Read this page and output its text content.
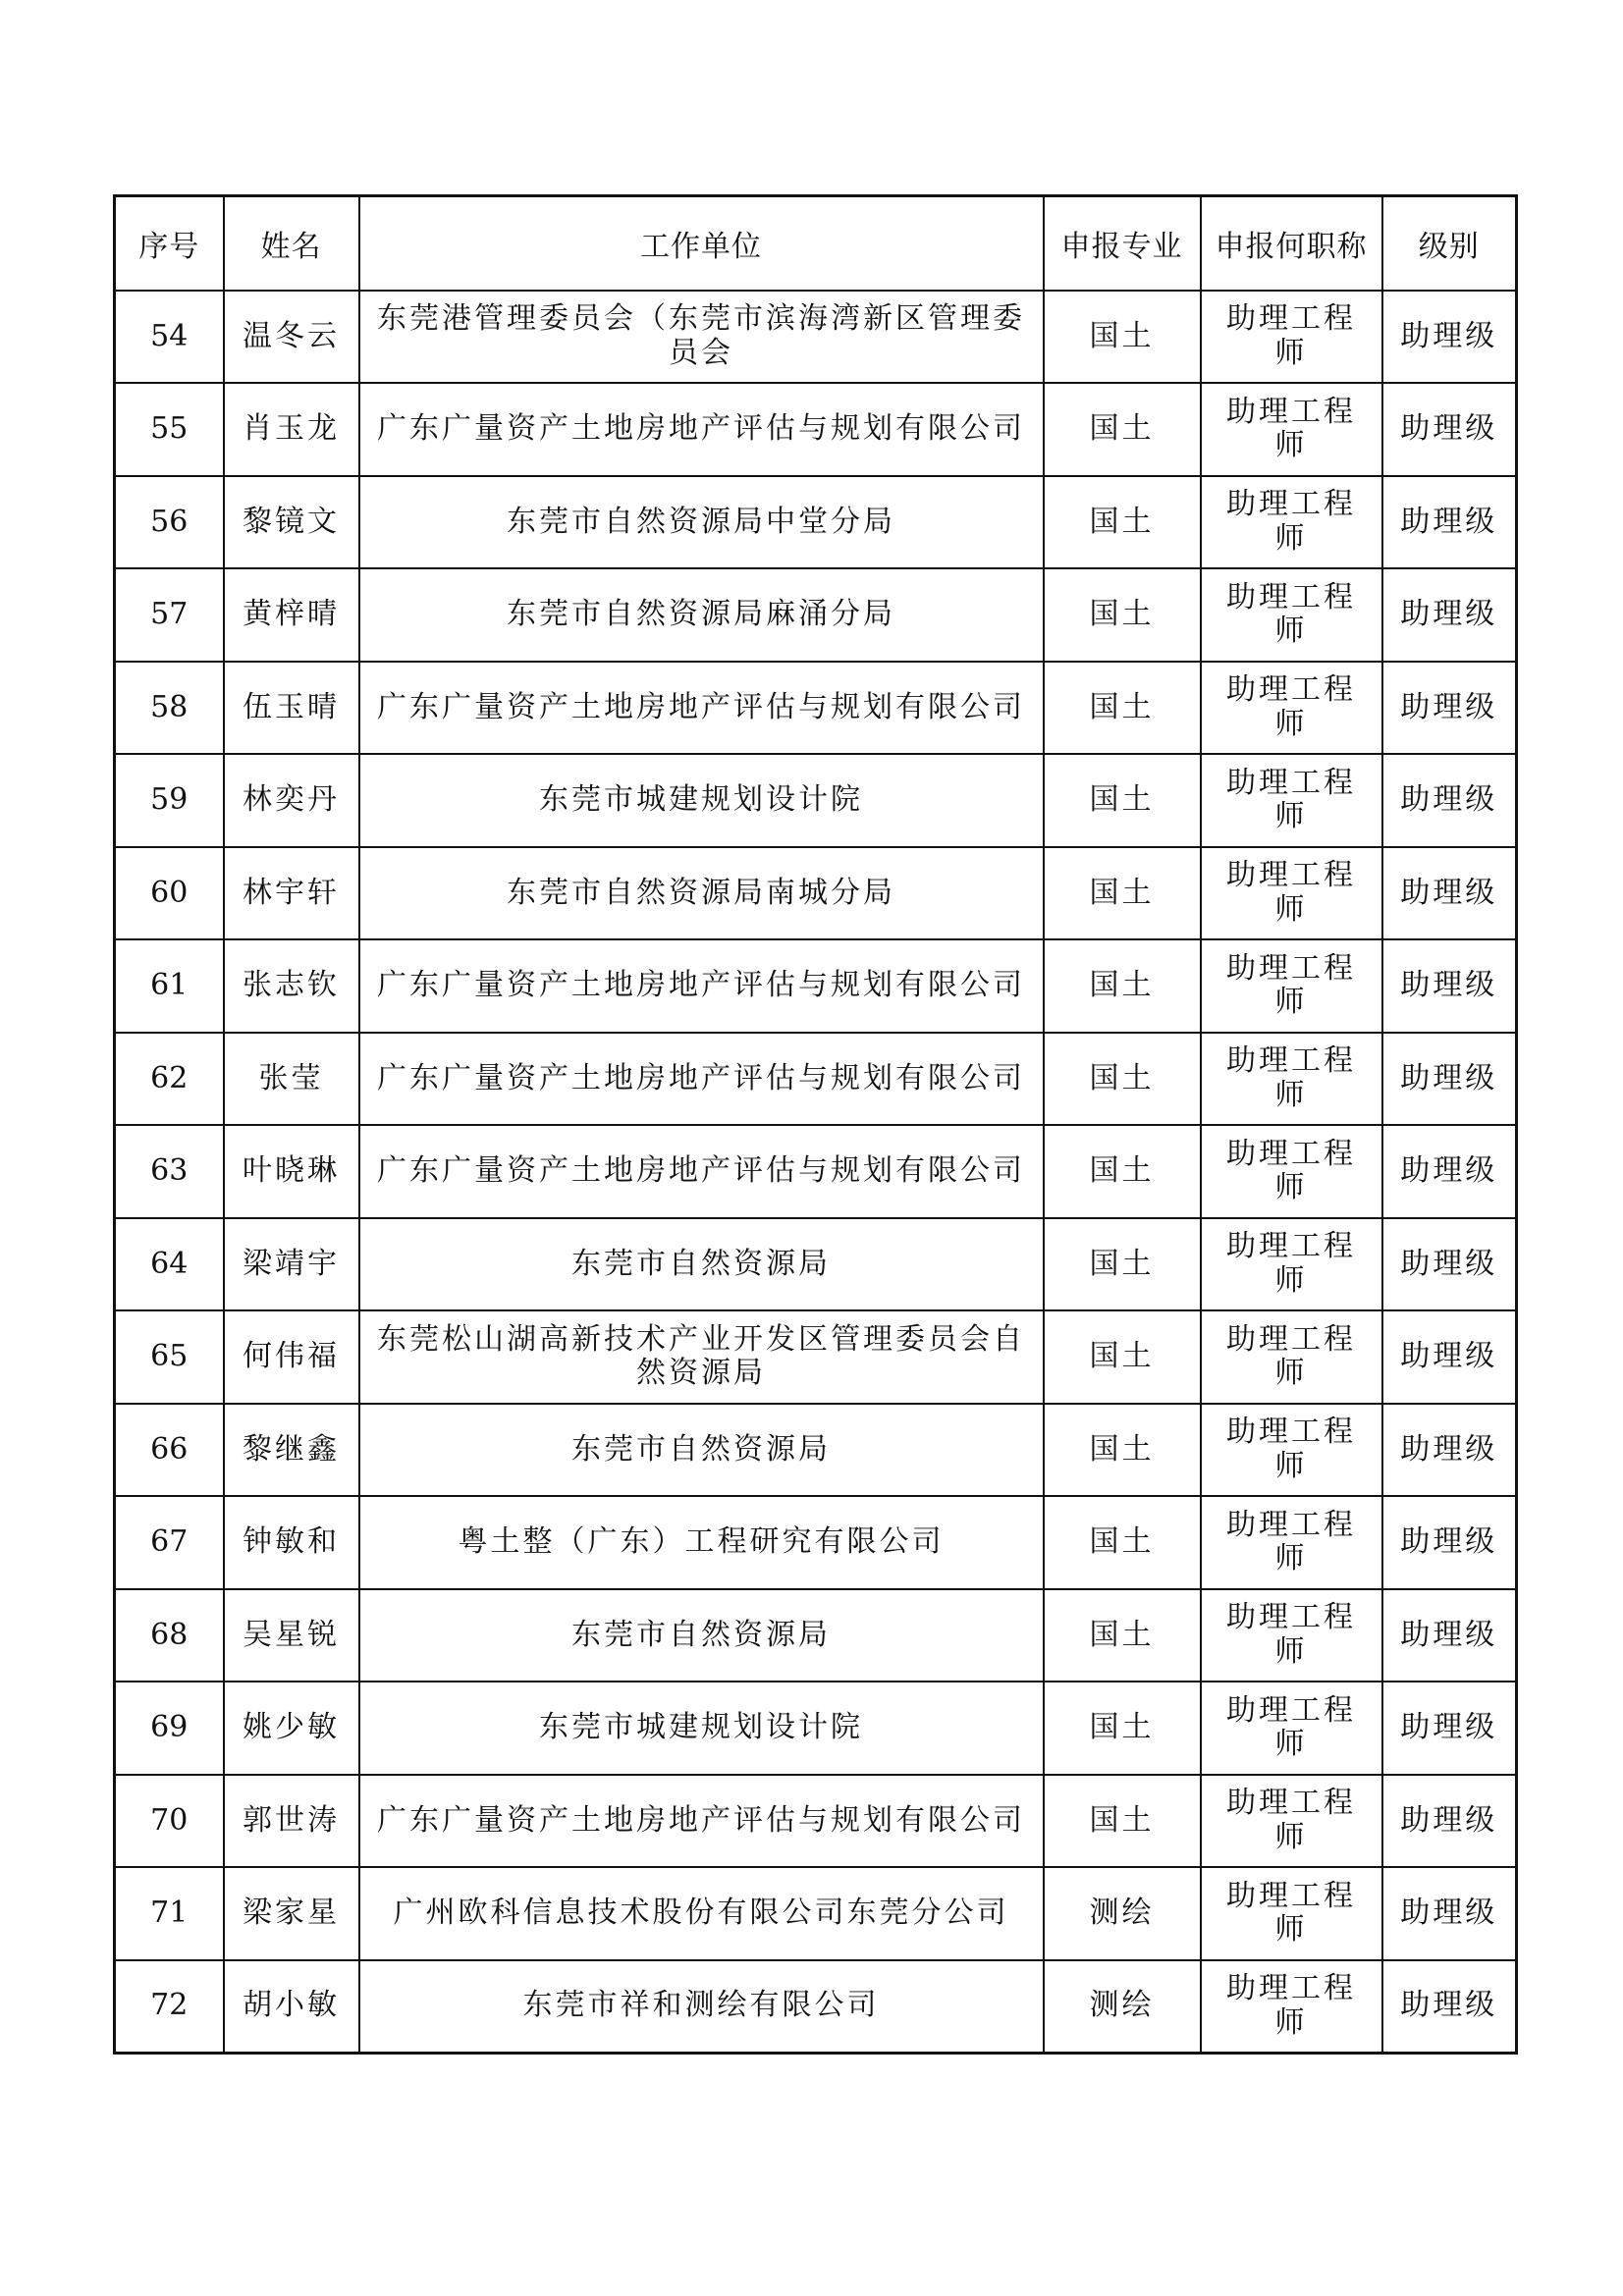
序号	姓名	工作单位	申报专业	申报何职称	级别
54	温冬云	东莞港管理委员会（东莞市滨海湾新区管理委员会	国土	助理工程师	助理级
55	肖玉龙	广东广量资产土地房地产评估与规划有限公司	国土	助理工程师	助理级
56	黎镜文	东莞市自然资源局中堂分局	国土	助理工程师	助理级
57	黄梓晴	东莞市自然资源局麻涌分局	国土	助理工程师	助理级
58	伍玉晴	广东广量资产土地房地产评估与规划有限公司	国土	助理工程师	助理级
59	林奕丹	东莞市城建规划设计院	国土	助理工程师	助理级
60	林宇轩	东莞市自然资源局南城分局	国土	助理工程师	助理级
61	张志钦	广东广量资产土地房地产评估与规划有限公司	国土	助理工程师	助理级
62	张莹	广东广量资产土地房地产评估与规划有限公司	国土	助理工程师	助理级
63	叶晓琳	广东广量资产土地房地产评估与规划有限公司	国土	助理工程师	助理级
64	梁靖宇	东莞市自然资源局	国土	助理工程师	助理级
65	何伟福	东莞松山湖高新技术产业开发区管理委员会自然资源局	国土	助理工程师	助理级
66	黎继鑫	东莞市自然资源局	国土	助理工程师	助理级
67	钟敏和	粤土整（广东）工程研究有限公司	国土	助理工程师	助理级
68	吴星锐	东莞市自然资源局	国土	助理工程师	助理级
69	姚少敏	东莞市城建规划设计院	国土	助理工程师	助理级
70	郭世涛	广东广量资产土地房地产评估与规划有限公司	国土	助理工程师	助理级
71	梁家星	广州欧科信息技术股份有限公司东莞分公司	测绘	助理工程师	助理级
72	胡小敏	东莞市祥和测绘有限公司	测绘	助理工程师	助理级
